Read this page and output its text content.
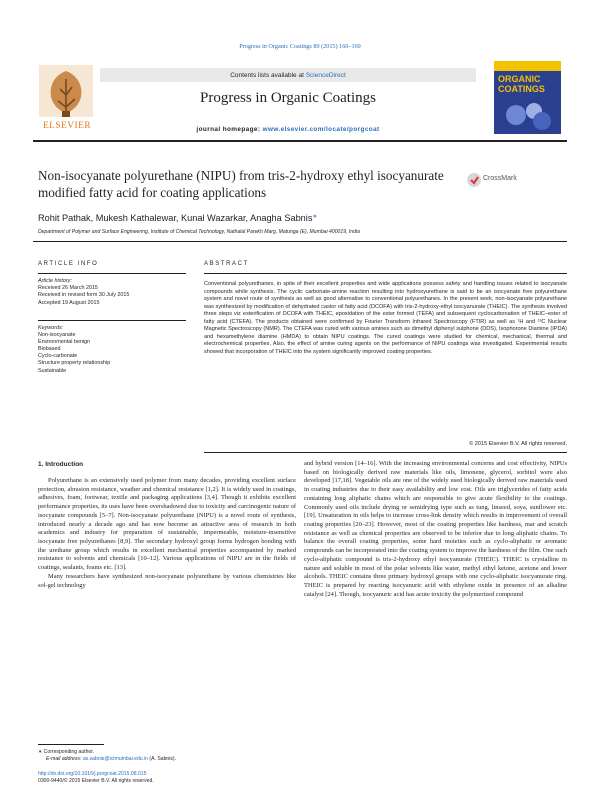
Progress in Organic Coatings 89 (2015) 160–169
ELSEVIER
Contents lists available at ScienceDirect
Progress in Organic Coatings
journal homepage: www.elsevier.com/locate/porgcoat
ORGANIC
COATINGS
Non-isocyanate polyurethane (NIPU) from tris-2-hydroxy ethyl isocyanurate modified fatty acid for coating applications
CrossMark
Rohit Pathak, Mukesh Kathalewar, Kunal Wazarkar, Anagha Sabnis∗
Department of Polymer and Surface Engineering, Institute of Chemical Technology, Nathalal Parekh Marg, Matunga (E), Mumbai 400019, India
ARTICLE INFO	ABSTRACT
Article history:
Received 26 March 2015
Received in revised form 30 July 2015
Accepted 19 August 2015
Keywords:
Non-isocyanate
Environmental benign
Biobased
Cyclo-carbonate
Structure property relationship
Sustainable
Conventional polyurethanes, in spite of their excellent properties and wide applications possess safety and handling issues related to isocyanate compounds while synthesis. The cyclic carbonate-amine reaction resulting into hydroxyurethane is said to be an isocyanate free polyurethane system and novel route of synthesis as well as good alternative to conventional polyurethanes. In the present work, non-isocyanate polyurethane was synthesized by modification of dehydrated castor oil fatty acid (DCOFA) with tris-2-hydroxy-ethyl isocyanurate (THEIC). The synthesis involved three steps viz esterification of DCOFA with THEIC, epoxidation of the ester formed (TEFA) and subsequent cyclocarbonation of THEIC–ester of fatty acid (CTEFA). The products obtained were confirmed by Fourier Transform Infrared Spectroscopy (FTIR) as well as ¹H and ¹³C Nuclear Magnetic Spectroscopy (NMR). The CTEFA was cured with various amines such as dimethyl diphenyl sulphone (DDS), Isophorone Diamine (IPDA) and hexamethylene diamine (HMDA) to obtain NIPU coatings. The cured coatings were studied for chemical, mechanical, thermal and electrochemical properties. Also, the effect of amine curing agents on the performance of NIPU coatings was investigated. Experimental results showed that incorporation of THEIC into the system significantly improved coating properties.
© 2015 Elsevier B.V. All rights reserved.
1. Introduction

Polyurethane is an extensively used polymer from many decades, providing excellent surface protection, abrasion resistance, weather and chemical resistance [1,2]. It is widely used in coatings, adhesives, foam, footwear, textile and packaging applications [3,4]. Though it exhibits excellent performance properties, its uses have been overshadowed due to toxicity and carcinogenic nature of isocyanate compounds [5–7]. Non-isocyanate polyurethane (NIPU) is a novel route of synthesis, introduced nearly a decade ago and has now become an attractive area of research in both academics and industry for preparation of sustainable, impermeable, moisture-insensitive isocyanate free polyurethanes [8,9]. The secondary hydroxyl group forms hydrogen bonding with the urethane group which results in excellent mechanical properties accompanied by marked resistance to solvents and chemicals [10–12]. Various applications of NIPU are in the fields of coatings, sealants, foams etc. [13].

Many researchers have synthesized non-isocyanate polyurethane by various chemistries like sol-gel technology

and hybrid version [14–16]. With the increasing environmental concerns and cost effectivity, NIPUs based on biologically derived raw materials like oils, limonene, glycerol, sorbitol were also developed [17,18]. Vegetable oils are one of the widely used biologically derived raw materials used in coating industries due to their easy availability and low cost. Oils are triglycerides of fatty acids containing long aliphatic chains which are responsible to give acute flexibility to the coatings. Commonly used oils include drying or semidrying type such as tung, linseed, soya, sunflower etc. [19]. Unsaturation in oils helps to increase cross-link density which results in improvement of overall coating properties [20–23]. However, most of the coating properties like hardness, mar and scratch resistance as well as chemical properties are observed to be inferior due to long aliphatic chains. To balance the overall coating properties, some hard moieties such as cyclo-aliphatic or aromatic compounds can be incorporated into the coating system to improve the hardness of the film. One such cyclo-aliphatic compound is tris-2-hydroxy ethyl isocyanurate (THEIC). THEIC is crystalline in nature and soluble in most of the polar solvents like water, methyl ethyl ketone, acetone and lower alcohols. THEIC contains three primary hydroxyl groups with one cyclo-aliphatic isocyanurate ring. THEIC is prepared by reacting isocyanuric acid with ethylene oxide in presence of an alkaline catalyst [24]. Though, isocyanuric acid has acute toxicity the polymerized compound

∗ Corresponding author.
E-mail address: as.sabnis@ictmumbai.edu.in (A. Sabnis).
http://dx.doi.org/10.1016/j.porgcoat.2015.08.015
0300-9440/© 2015 Elsevier B.V. All rights reserved.
